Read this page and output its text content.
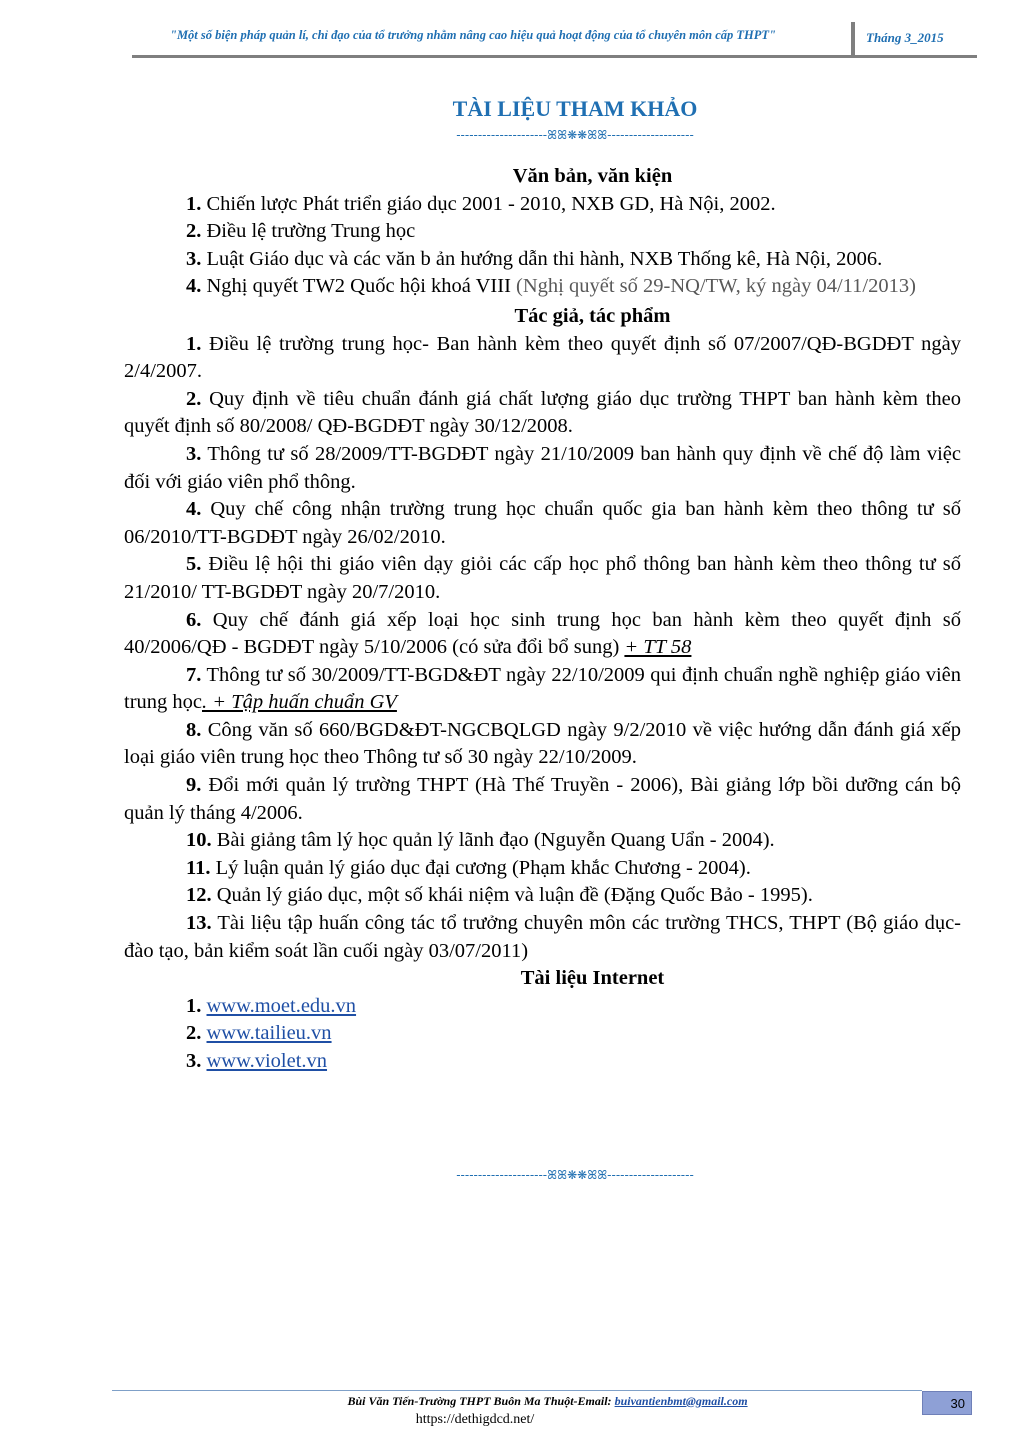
"Một số biện pháp quản lí, chỉ đạo của tổ trưởng nhằm nâng cao hiệu quả hoạt động của tổ chuyên môn cấp THPT"	Tháng 3_2015
TÀI LIỆU THAM KHẢO
---------------------ꕤꕤ❋❋ꕤꕤ--------------------

Văn bản, văn kiện

1. Chiến lược Phát triển giáo dục 2001 - 2010, NXB GD, Hà Nội, 2002.

2. Điều lệ trường Trung học

3. Luật Giáo dục và các văn b ản hướng dẫn thi hành, NXB Thống kê, Hà Nội, 2006.

4. Nghị quyết TW2 Quốc hội khoá VIII (Nghị quyết số 29-NQ/TW, ký ngày 04/11/2013)

Tác giả, tác phẩm

1. Điều lệ trường trung học- Ban hành kèm theo quyết định số 07/2007/QĐ-BGDĐT ngày 2/4/2007.

2. Quy định về tiêu chuẩn đánh giá chất lượng giáo dục trường THPT ban hành kèm theo quyết định số 80/2008/ QĐ-BGDĐT ngày 30/12/2008.

3. Thông tư số 28/2009/TT-BGDĐT ngày 21/10/2009 ban hành quy định về chế độ làm việc đối với giáo viên phổ thông.

4. Quy chế công nhận trường trung học chuẩn quốc gia ban hành kèm theo thông tư số 06/2010/TT-BGDĐT ngày 26/02/2010.

5. Điều lệ hội thi giáo viên dạy giỏi các cấp học phổ thông ban hành kèm theo thông tư số 21/2010/ TT-BGDĐT ngày 20/7/2010.

6. Quy chế đánh giá xếp loại học sinh trung học ban hành kèm theo quyết định số 40/2006/QĐ - BGDĐT ngày 5/10/2006 (có sửa đổi bổ sung) + TT 58

7. Thông tư số 30/2009/TT-BGD&ĐT ngày 22/10/2009 qui định chuẩn nghề nghiệp giáo viên trung học. + Tập huấn chuẩn GV

8. Công văn số 660/BGD&ĐT-NGCBQLGD ngày 9/2/2010 về việc hướng dẫn đánh giá xếp loại giáo viên trung học theo Thông tư số 30 ngày 22/10/2009.

9. Đổi mới quản lý trường THPT (Hà Thế Truyền - 2006), Bài giảng lớp bồi dưỡng cán bộ quản lý tháng 4/2006.

10. Bài giảng tâm lý học quản lý lãnh đạo (Nguyễn Quang Uẩn - 2004).

11. Lý luận quản lý giáo dục đại cương (Phạm khắc Chương - 2004).

12. Quản lý giáo dục, một số khái niệm và luận đề (Đặng Quốc Bảo - 1995).

13. Tài liệu tập huấn công tác tổ trưởng chuyên môn các trường THCS, THPT (Bộ giáo dục-đào tạo, bản kiểm soát lần cuối ngày 03/07/2011)

Tài liệu Internet

1. www.moet.edu.vn

2. www.tailieu.vn

3. www.violet.vn

---------------------ꕤꕤ❋❋ꕤꕤ--------------------
Bùi Văn Tiến-Trường THPT Buôn Ma Thuột-Email: buivantienbmt@gmail.com	30
https://dethigdcd.net/
